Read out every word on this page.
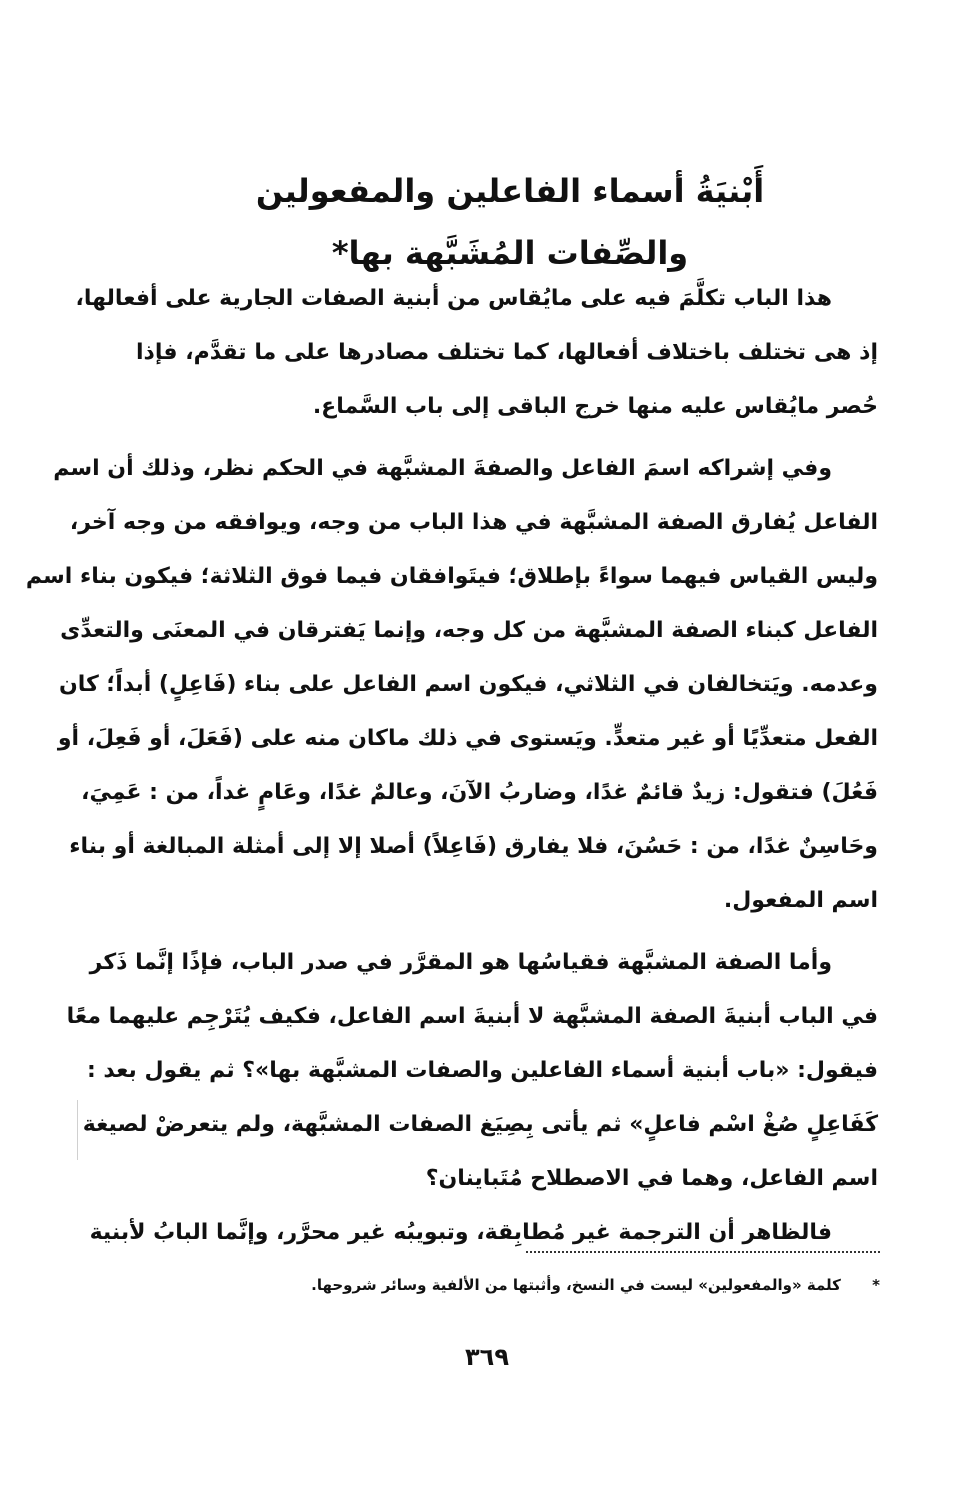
أَبْنيَةُ أسماء الفاعلين والمفعولين
والصِّفات المُشَبَّهة بها*
هذا الباب تكلَّمَ فيه على مايُقاس من أبنية الصفات الجارية على أفعالها،
إذ هى تختلف باختلاف أفعالها، كما تختلف مصادرها على ما تقدَّم، فإذا
حُصر مايُقاس عليه منها خرج الباقى إلى باب السَّماع.
وفي إشراكه اسمَ الفاعل والصفةَ المشبَّهة في الحكم نظر، وذلك أن اسم
الفاعل يُفارق الصفة المشبَّهة في هذا الباب من وجه، ويوافقه من وجه آخر،
وليس القياس فيهما سواءً بإطلاق؛ فيتَوافقان فيما فوق الثلاثة؛ فيكون بناء اسم
الفاعل كبناء الصفة المشبَّهة من كل وجه، وإنما يَفترقان في المعنَى والتعدِّى
وعدمه. ويَتخالفان في الثلاثي، فيكون اسم الفاعل على بناء (فَاعِلٍ) أبداً؛ كان
الفعل متعدِّيًا أو غير متعدٍّ. ويَستوى في ذلك ماكان منه على (فَعَلَ، أو فَعِلَ، أو
فَعُلَ) فتقول: زيدٌ قائمٌ غدًا، وضاربُ الآنَ، وعالمٌ غدًا، وعَامٍ غداً، من : عَمِيَ،
وحَاسِنٌ غدًا، من : حَسُنَ، فلا يفارق (فَاعِلاً) أصلا إلا إلى أمثلة المبالغة أو بناء
اسم المفعول.
وأما الصفة المشبَّهة فقياسُها هو المقرَّر في صدر الباب، فإذًا إنَّما ذَكر
في الباب أبنيةَ الصفة المشبَّهة لا أبنيةَ اسم الفاعل، فكيف يُتَرْجِم عليهما معًا
فيقول: «باب أبنية أسماء الفاعلين والصفات المشبَّهة بها»؟ ثم يقول بعد :
كَفَاعِلٍ صُغْ اسْم فاعلٍ» ثم يأتى بِصِيَغ الصفات المشبَّهة، ولم يتعرضْ لصيغة
اسم الفاعل، وهما في الاصطلاح مُتَباينان؟
فالظاهر أن الترجمة غير مُطابِقة، وتبويبُه غير محرَّر، وإنَّما البابُ لأبنية
* كلمة «والمفعولين» ليست في النسخ، وأثبتها من الألفية وسائر شروحها.
٣٦٩
